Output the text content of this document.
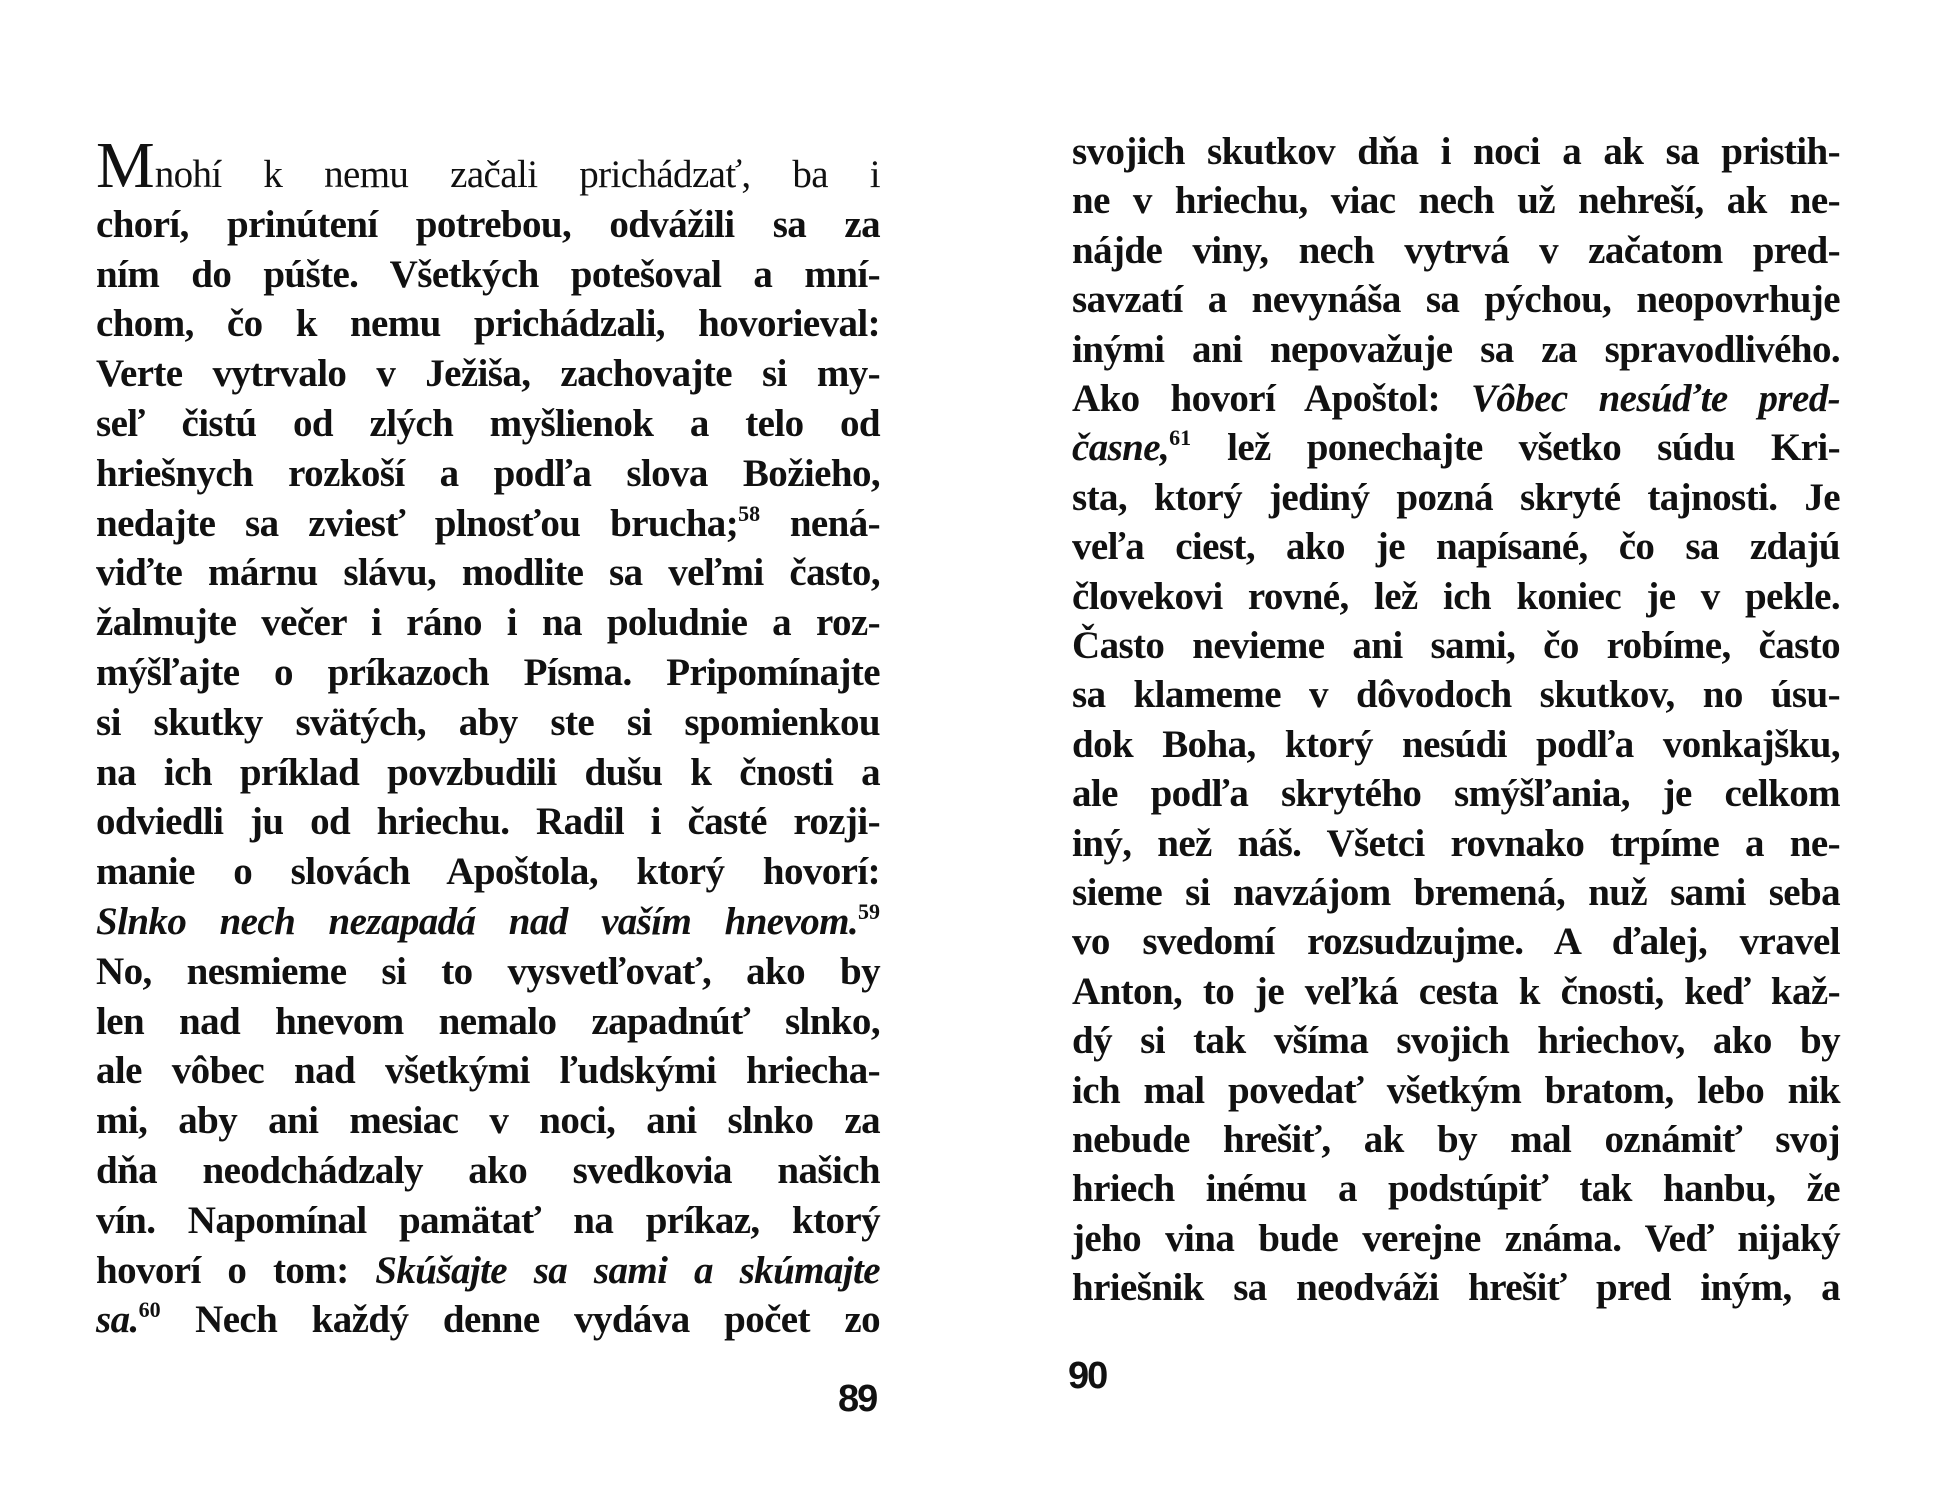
Mnohí k nemu začali prichádzať, ba i
chorí, prinútení potrebou, odvážili sa za
ním do púšte. Všetkých potešoval a mní-
chom, čo k nemu prichádzali, hovorieval:
Verte vytrvalo v Ježiša, zachovajte si my-
seľ čistú od zlých myšlienok a telo od
hriešnych rozkoší a podľa slova Božieho,
nedajte sa zviesť plnosťou brucha;$^{58}$ nená-
viďte márnu slávu, modlite sa veľmi často,
žalmujte večer i ráno i na poludnie a roz-
mýšľajte o príkazoch Písma. Pripomínajte
si skutky svätých, aby ste si spomienkou
na ich príklad povzbudili dušu k čnosti a
odviedli ju od hriechu. Radil i časté rozji-
manie o slovách Apoštola, ktorý hovorí:
Slnko nech nezapadá nad vaším hnevom.$^{59}$
No, nesmieme si to vysvetľovať, ako by
len nad hnevom nemalo zapadnúť slnko,
ale vôbec nad všetkými ľudskými hriecha-
mi, aby ani mesiac v noci, ani slnko za
dňa neodchádzaly ako svedkovia našich
vín. Napomínal pamätať na príkaz, ktorý
hovorí o tom: Skúšajte sa sami a skúmajte
sa.$^{60}$ Nech každý denne vydáva počet zo
89
svojich skutkov dňa i noci a ak sa pristih-
ne v hriechu, viac nech už nehreší, ak ne-
nájde viny, nech vytrvá v začatom pred-
savzatí a nevynáša sa pýchou, neopovrhuje
inými ani nepovažuje sa za spravodlivého.
Ako hovorí Apoštol: Vôbec nesúďte pred-
časne,$^{61}$ lež ponechajte všetko súdu Kri-
sta, ktorý jediný pozná skryté tajnosti. Je
veľa ciest, ako je napísané, čo sa zdajú
človekovi rovné, lež ich koniec je v pekle.
Často nevieme ani sami, čo robíme, často
sa klameme v dôvodoch skutkov, no úsu-
dok Boha, ktorý nesúdi podľa vonkajšku,
ale podľa skrytého smýšľania, je celkom
iný, než náš. Všetci rovnako trpíme a ne-
sieme si navzájom bremená, nuž sami seba
vo svedomí rozsudzujme. A ďalej, vravel
Anton, to je veľká cesta k čnosti, keď kaž-
dý si tak všíma svojich hriechov, ako by
ich mal povedať všetkým bratom, lebo nik
nebude hrešiť, ak by mal oznámiť svoj
hriech inému a podstúpiť tak hanbu, že
jeho vina bude verejne známa. Veď nijaký
hriešnik sa neodváži hrešiť pred iným, a
90
